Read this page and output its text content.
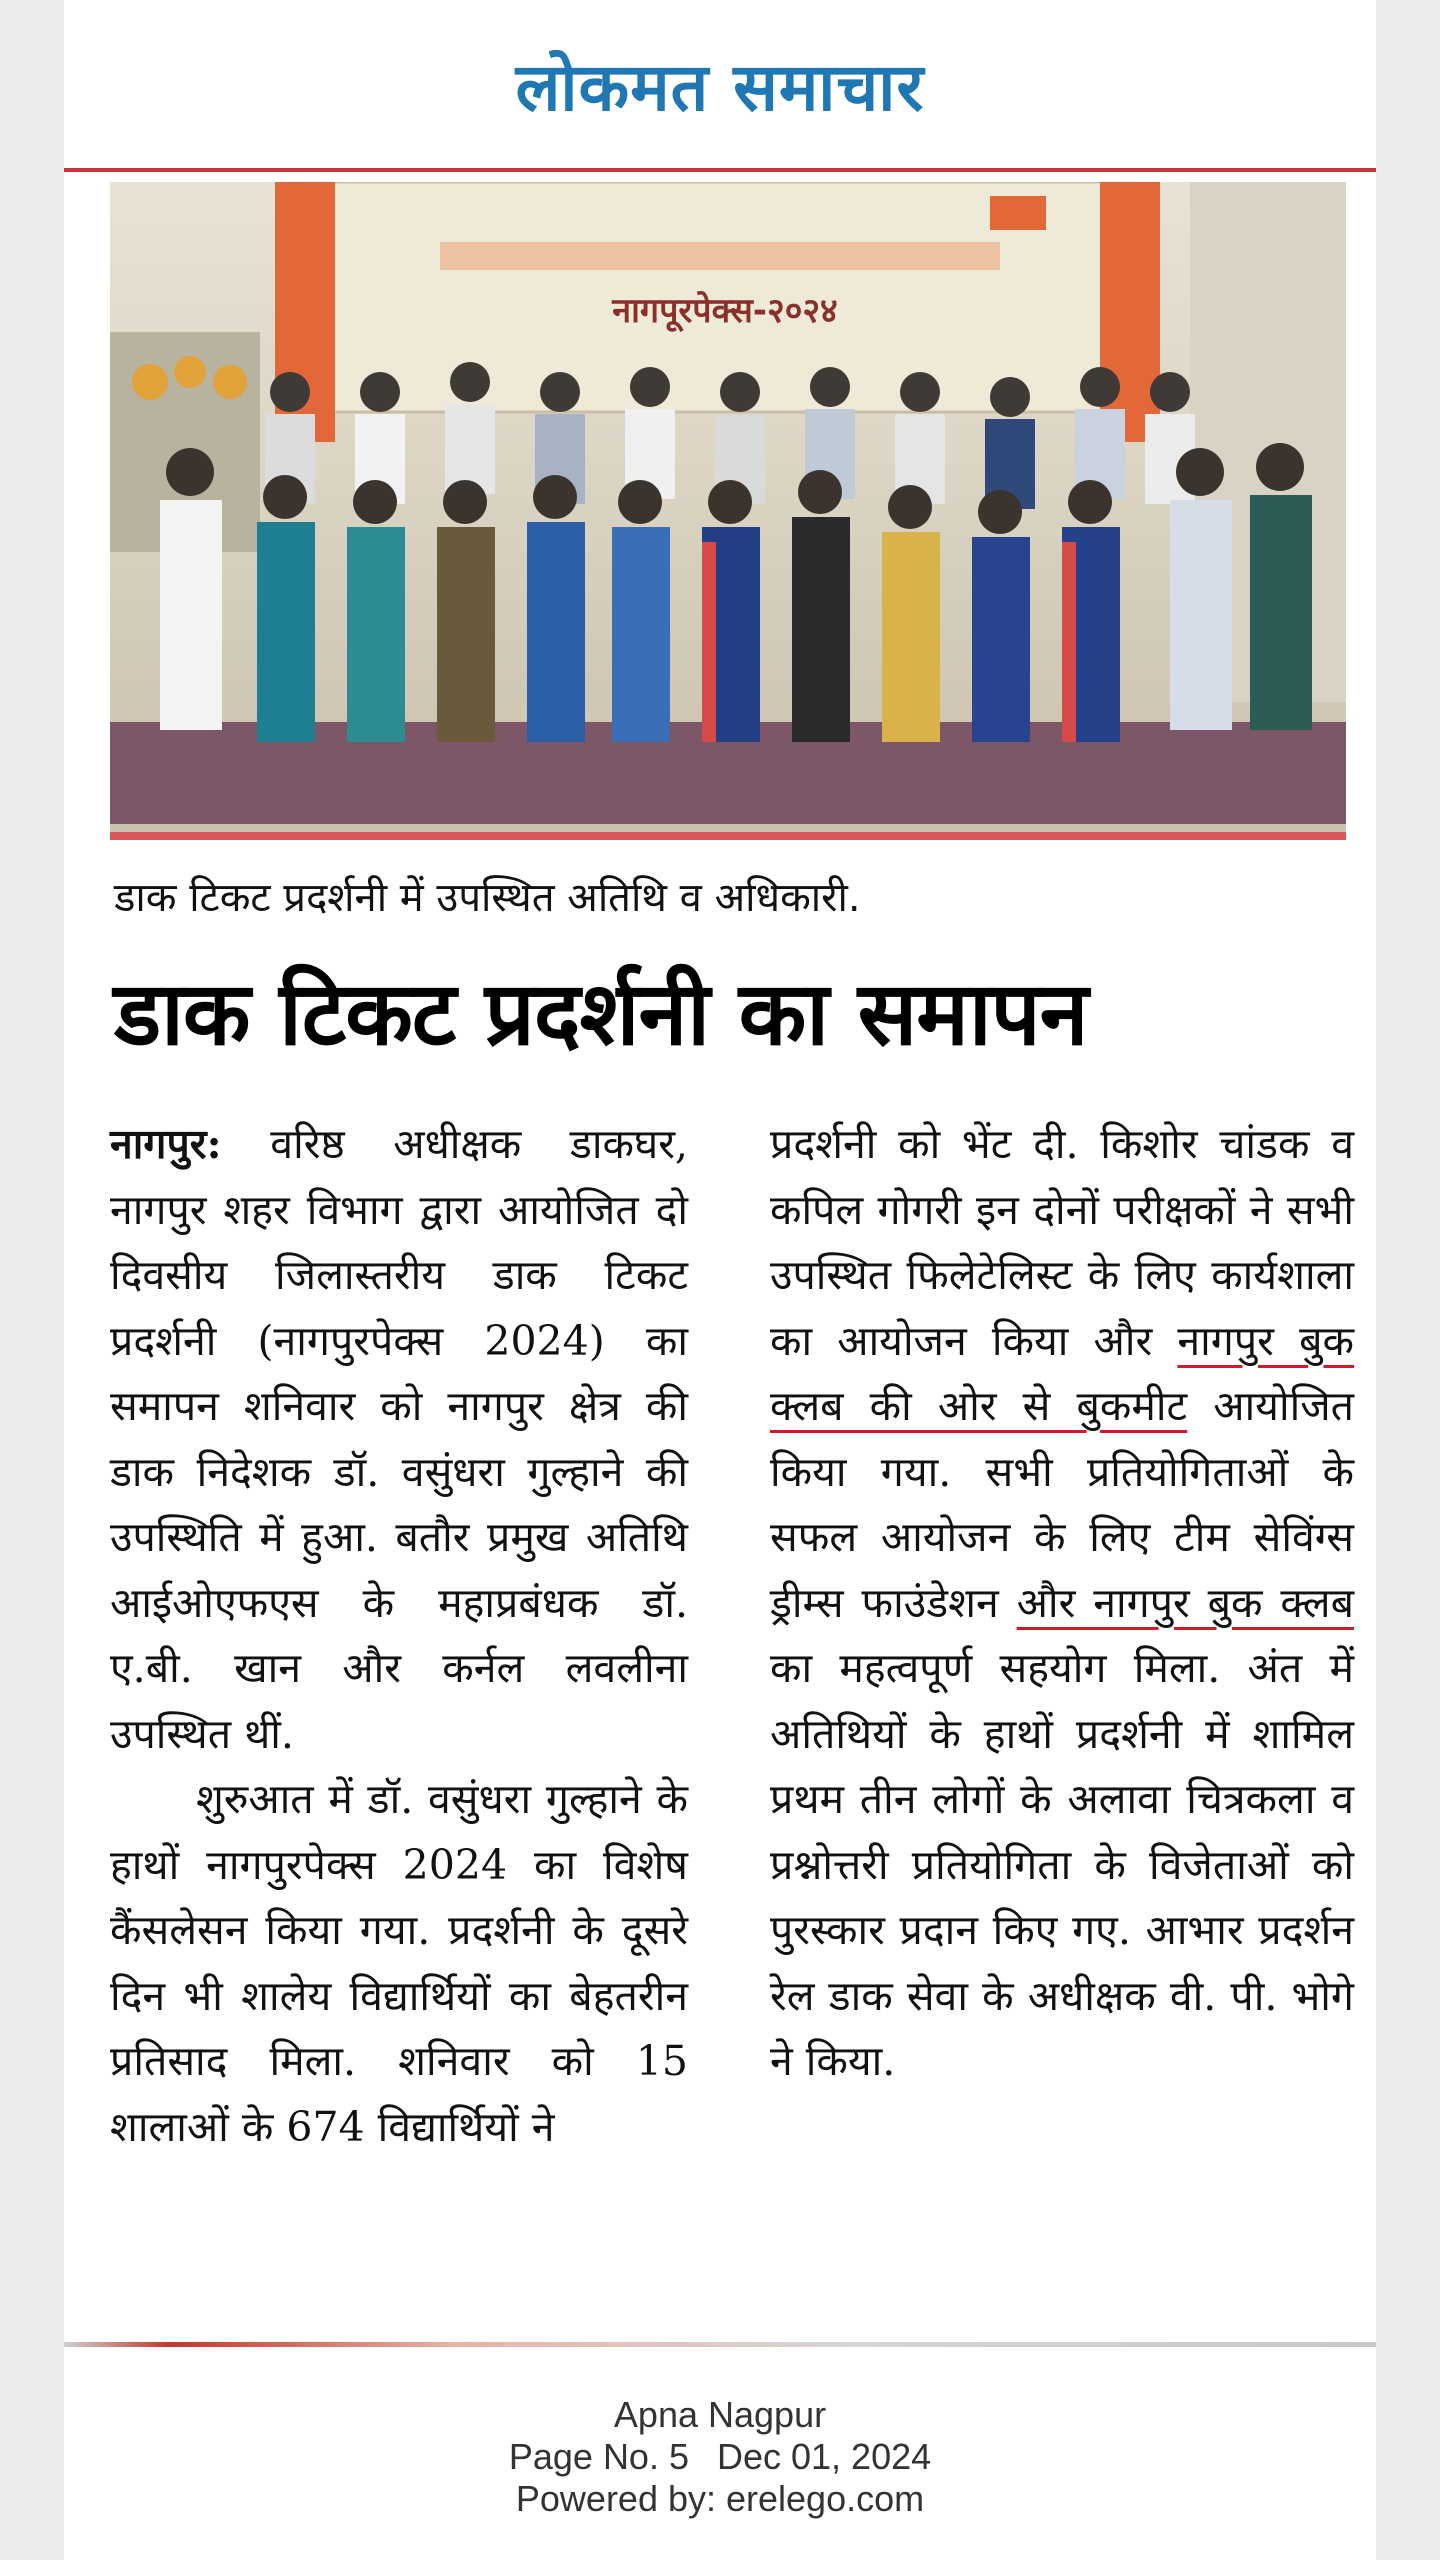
लोकमत समाचार
नागपूरपेक्स-२०२४
डाक टिकट प्रदर्शनी में उपस्थित अतिथि व अधिकारी.
डाक टिकट प्रदर्शनी का समापन

नागपुर: वरिष्ठ अधीक्षक डाकघर, नागपुर शहर विभाग द्वारा आयोजित दो दिवसीय जिलास्तरीय डाक टिकट प्रदर्शनी (नागपुरपेक्स 2024) का समापन शनिवार को नागपुर क्षेत्र की डाक निदेशक डॉ. वसुंधरा गुल्हाने की उपस्थिति में हुआ. बतौर प्रमुख अतिथि आईओएफएस के महाप्रबंधक डॉ. ए.बी. खान और कर्नल लवलीना उपस्थित थीं.

शुरुआत में डॉ. वसुंधरा गुल्हाने के हाथों नागपुरपेक्स 2024 का विशेष कैंसलेसन किया गया. प्रदर्शनी के दूसरे दिन भी शालेय विद्यार्थियों का बेहतरीन प्रतिसाद मिला. शनिवार को 15 शालाओं के 674 विद्यार्थियों ने

प्रदर्शनी को भेंट दी. किशोर चांडक व कपिल गोगरी इन दोनों परीक्षकों ने सभी उपस्थित फिलेटेलिस्ट के लिए कार्यशाला का आयोजन किया और नागपुर बुक क्लब की ओर से बुकमीट आयोजित किया गया. सभी प्रतियोगिताओं के सफल आयोजन के लिए टीम सेविंग्स ड्रीम्स फाउंडेशन और नागपुर बुक क्लब का महत्वपूर्ण सहयोग मिला. अंत में अतिथियों के हाथों प्रदर्शनी में शामिल प्रथम तीन लोगों के अलावा चित्रकला व प्रश्नोत्तरी प्रतियोगिता के विजेताओं को पुरस्कार प्रदान किए गए. आभार प्रदर्शन रेल डाक सेवा के अधीक्षक वी. पी. भोगे ने किया.

Apna Nagpur
Page No. 5 Dec 01, 2024
Powered by: erelego.com
